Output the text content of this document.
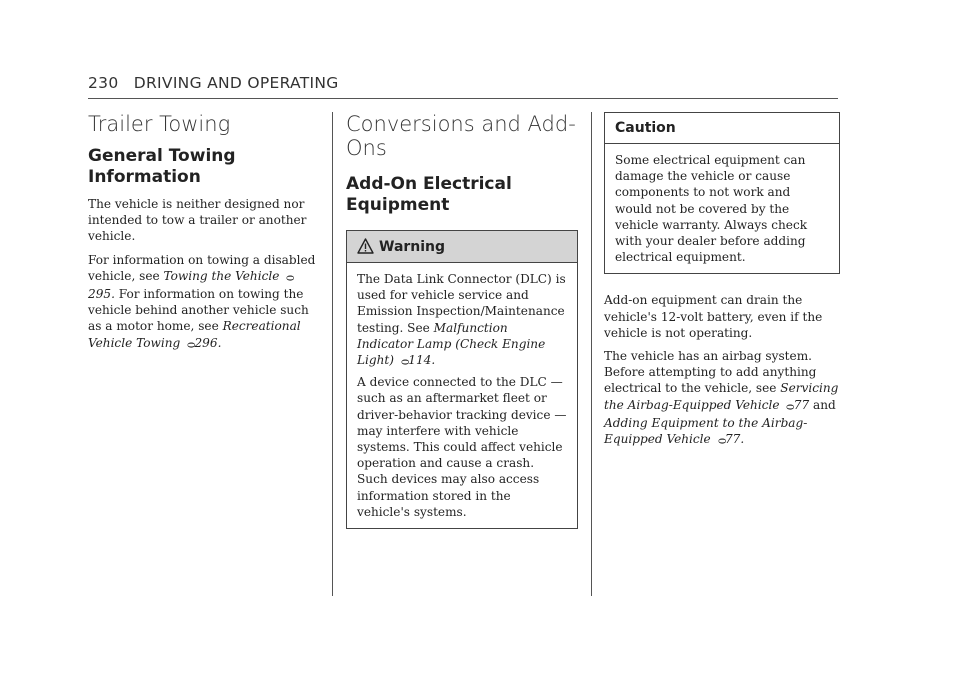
230 DRIVING AND OPERATING
Trailer Towing
General Towing Information

The vehicle is neither designed nor intended to tow a trailer or another vehicle.

For information on towing a disabled vehicle, see Towing the Vehicle 0295. For information on towing the vehicle behind another vehicle such as a motor home, see Recreational Vehicle Towing 0296.

Conversions and Add-Ons
Add-On Electrical Equipment
Warning

The Data Link Connector (DLC) is used for vehicle service and Emission Inspection/Maintenance testing. See Malfunction Indicator Lamp (Check Engine Light) 0114.

A device connected to the DLC — such as an aftermarket fleet or driver-behavior tracking device — may interfere with vehicle systems. This could affect vehicle operation and cause a crash. Such devices may also access information stored in the vehicle's systems.

Caution

Some electrical equipment can damage the vehicle or cause components to not work and would not be covered by the vehicle warranty. Always check with your dealer before adding electrical equipment.

Add-on equipment can drain the vehicle's 12-volt battery, even if the vehicle is not operating.

The vehicle has an airbag system. Before attempting to add anything electrical to the vehicle, see Servicing the Airbag-Equipped Vehicle 077 and Adding Equipment to the Airbag-Equipped Vehicle 077.
